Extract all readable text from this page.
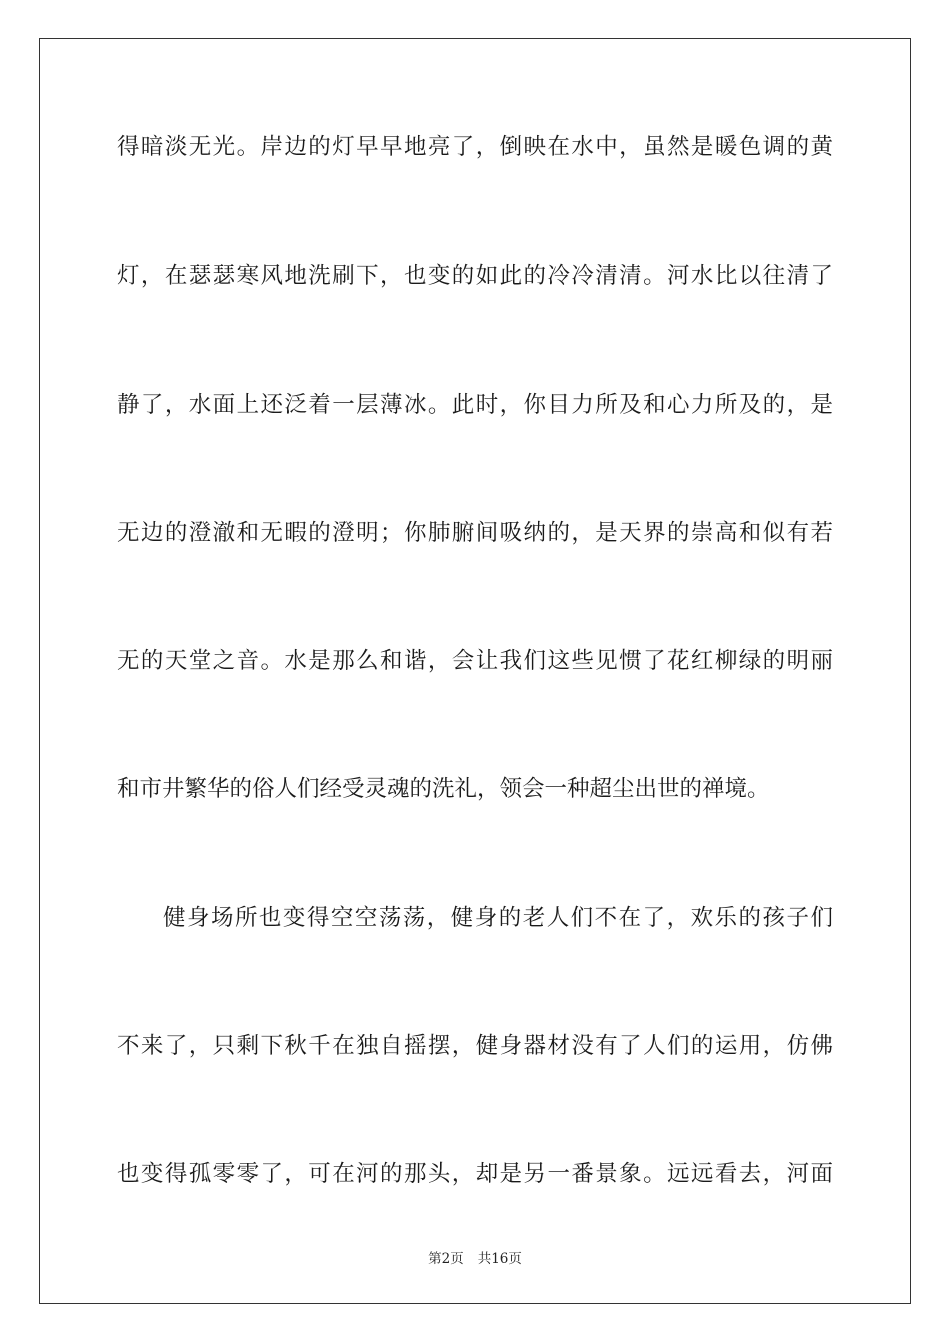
得暗淡无光。岸边的灯早早地亮了，倒映在水中，虽然是暖色调的黄
灯，在瑟瑟寒风地洗刷下，也变的如此的冷冷清清。河水比以往清了
静了，水面上还泛着一层薄冰。此时，你目力所及和心力所及的，是
无边的澄澈和无暇的澄明；你肺腑间吸纳的，是天界的崇高和似有若
无的天堂之音。水是那么和谐，会让我们这些见惯了花红柳绿的明丽
和市井繁华的俗人们经受灵魂的洗礼，领会一种超尘出世的禅境。
健身场所也变得空空荡荡，健身的老人们不在了，欢乐的孩子们
不来了，只剩下秋千在独自摇摆，健身器材没有了人们的运用，仿佛
也变得孤零零了，可在河的那头，却是另一番景象。远远看去，河面
第2页 共16页
